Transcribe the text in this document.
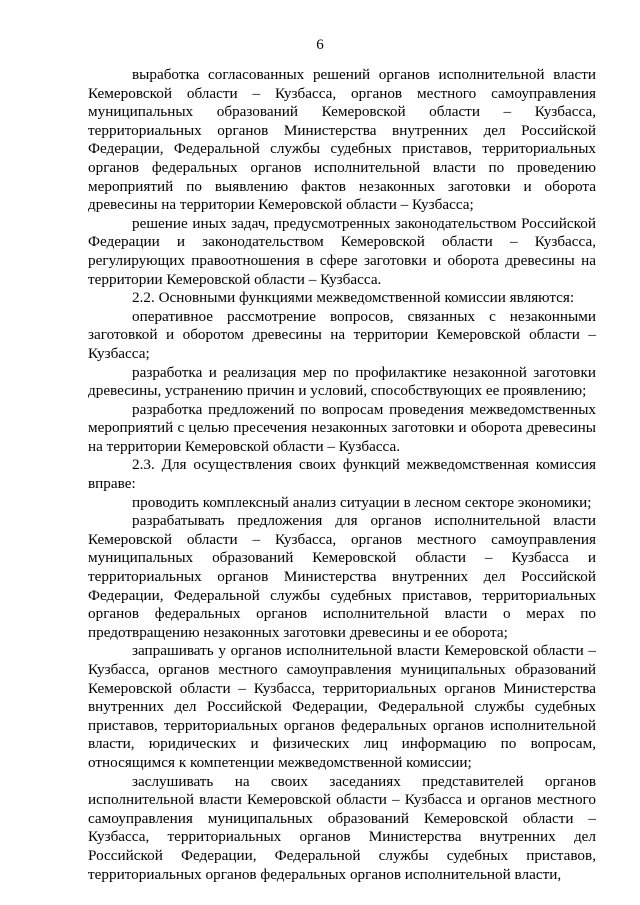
6

выработка согласованных решений органов исполнительной власти Кемеровской области – Кузбасса, органов местного самоуправления муниципальных образований Кемеровской области – Кузбасса, территориальных органов Министерства внутренних дел Российской Федерации, Федеральной службы судебных приставов, территориальных органов федеральных органов исполнительной власти по проведению мероприятий по выявлению фактов незаконных заготовки и оборота древесины на территории Кемеровской области – Кузбасса;

решение иных задач, предусмотренных законодательством Российской Федерации и законодательством Кемеровской области – Кузбасса, регулирующих правоотношения в сфере заготовки и оборота древесины на территории Кемеровской области – Кузбасса.

2.2. Основными функциями межведомственной комиссии являются:

оперативное рассмотрение вопросов, связанных с незаконными заготовкой и оборотом древесины на территории Кемеровской области – Кузбасса;

разработка и реализация мер по профилактике незаконной заготовки древесины, устранению причин и условий, способствующих ее проявлению;

разработка предложений по вопросам проведения межведомственных мероприятий с целью пресечения незаконных заготовки и оборота древесины на территории Кемеровской области – Кузбасса.

2.3. Для осуществления своих функций межведомственная комиссия вправе:

проводить комплексный анализ ситуации в лесном секторе экономики;

разрабатывать предложения для органов исполнительной власти Кемеровской области – Кузбасса, органов местного самоуправления муниципальных образований Кемеровской области – Кузбасса и территориальных органов Министерства внутренних дел Российской Федерации, Федеральной службы судебных приставов, территориальных органов федеральных органов исполнительной власти о мерах по предотвращению незаконных заготовки древесины и ее оборота;

запрашивать у органов исполнительной власти Кемеровской области – Кузбасса, органов местного самоуправления муниципальных образований Кемеровской области – Кузбасса, территориальных органов Министерства внутренних дел Российской Федерации, Федеральной службы судебных приставов, территориальных органов федеральных органов исполнительной власти, юридических и физических лиц информацию по вопросам, относящимся к компетенции межведомственной комиссии;

заслушивать на своих заседаниях представителей органов исполнительной власти Кемеровской области – Кузбасса и органов местного самоуправления муниципальных образований Кемеровской области – Кузбасса, территориальных органов Министерства внутренних дел Российской Федерации, Федеральной службы судебных приставов, территориальных органов федеральных органов исполнительной власти,
